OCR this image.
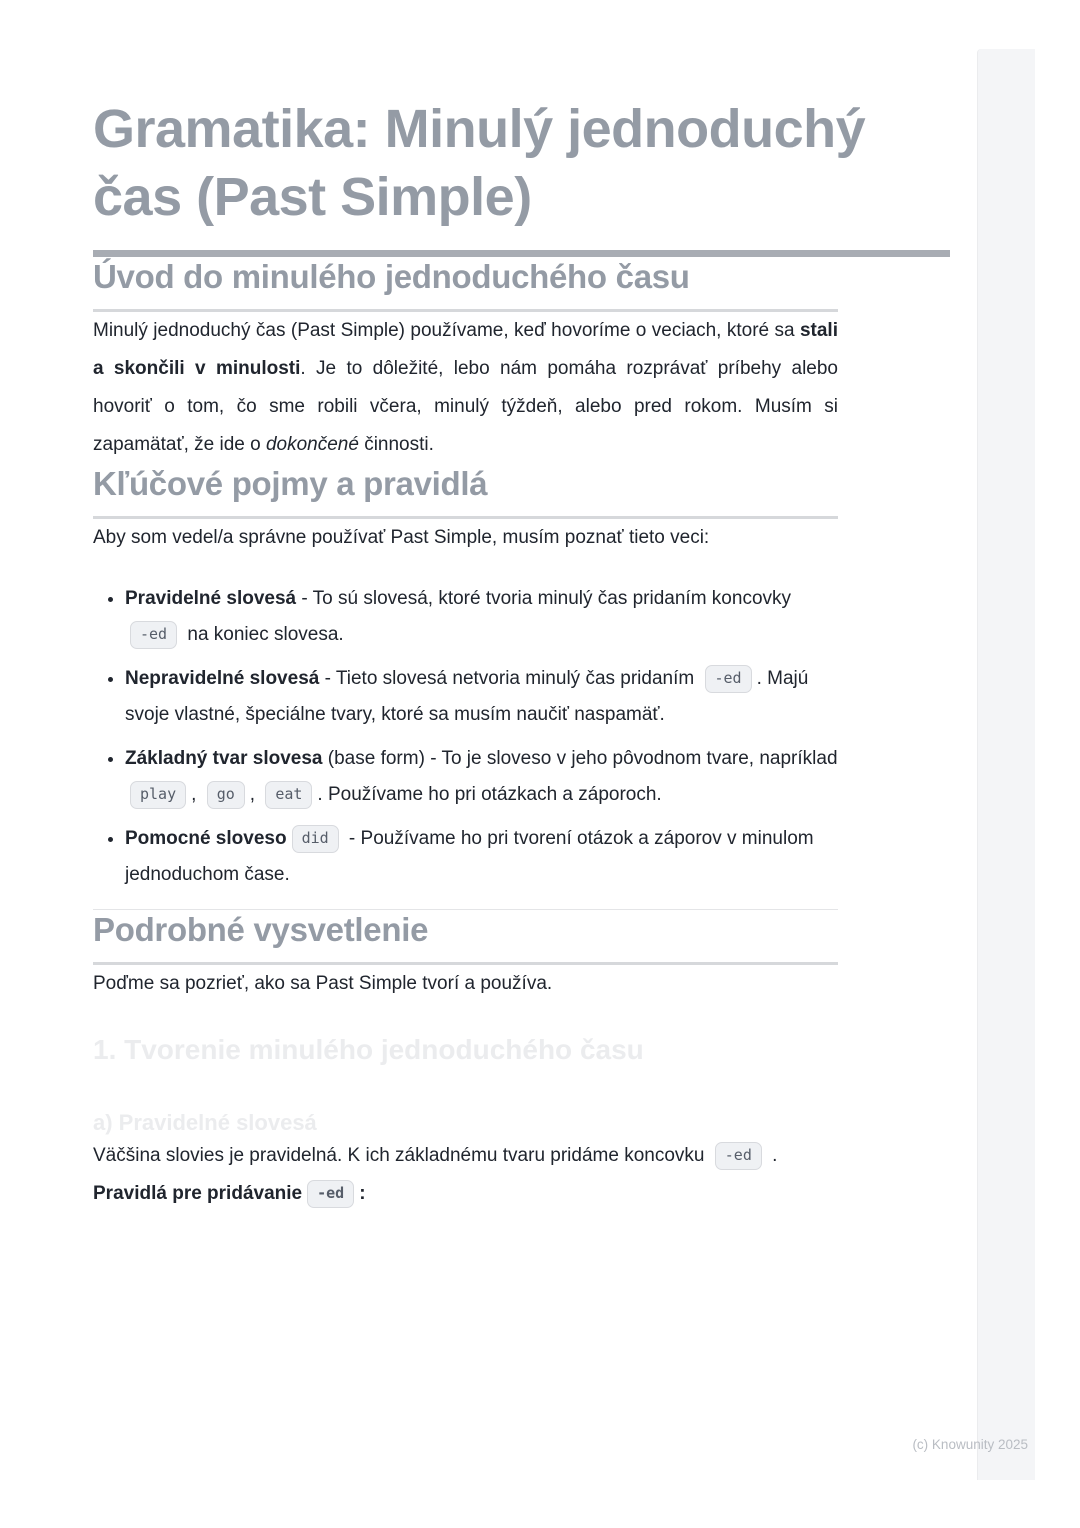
Gramatika: Minulý jednoduchý
čas (Past Simple)
Úvod do minulého jednoduchého času

Minulý jednoduchý čas (Past Simple) používame, keď hovoríme o veciach, ktoré sa stali a skončili v minulosti. Je to dôležité, lebo nám pomáha rozprávať príbehy alebo hovoriť o tom, čo sme robili včera, minulý týždeň, alebo pred rokom. Musím si zapamätať, že ide o dokončené činnosti.

Kľúčové pojmy a pravidlá

Aby som vedel/a správne používať Past Simple, musím poznať tieto veci:

• Pravidelné slovesá - To sú slovesá, ktoré tvoria minulý čas pridaním koncovky -ed na koniec slovesa.
• Nepravidelné slovesá - Tieto slovesá netvoria minulý čas pridaním -ed . Majú svoje vlastné, špeciálne tvary, ktoré sa musím naučiť naspamäť.
• Základný tvar slovesa (base form) - To je sloveso v jeho pôvodnom tvare, napríklad play , go , eat . Používame ho pri otázkach a záporoch.
• Pomocné sloveso did - Používame ho pri tvorení otázok a záporov v minulom jednoduchom čase.
Podrobné vysvetlenie

Poďme sa pozrieť, ako sa Past Simple tvorí a používa.

1. Tvorenie minulého jednoduchého času
a) Pravidelné slovesá

Väčšina slovies je pravidelná. K ich základnému tvaru pridáme koncovku -ed .

Pravidlá pre pridávanie -ed :

(c) Knowunity 2025
